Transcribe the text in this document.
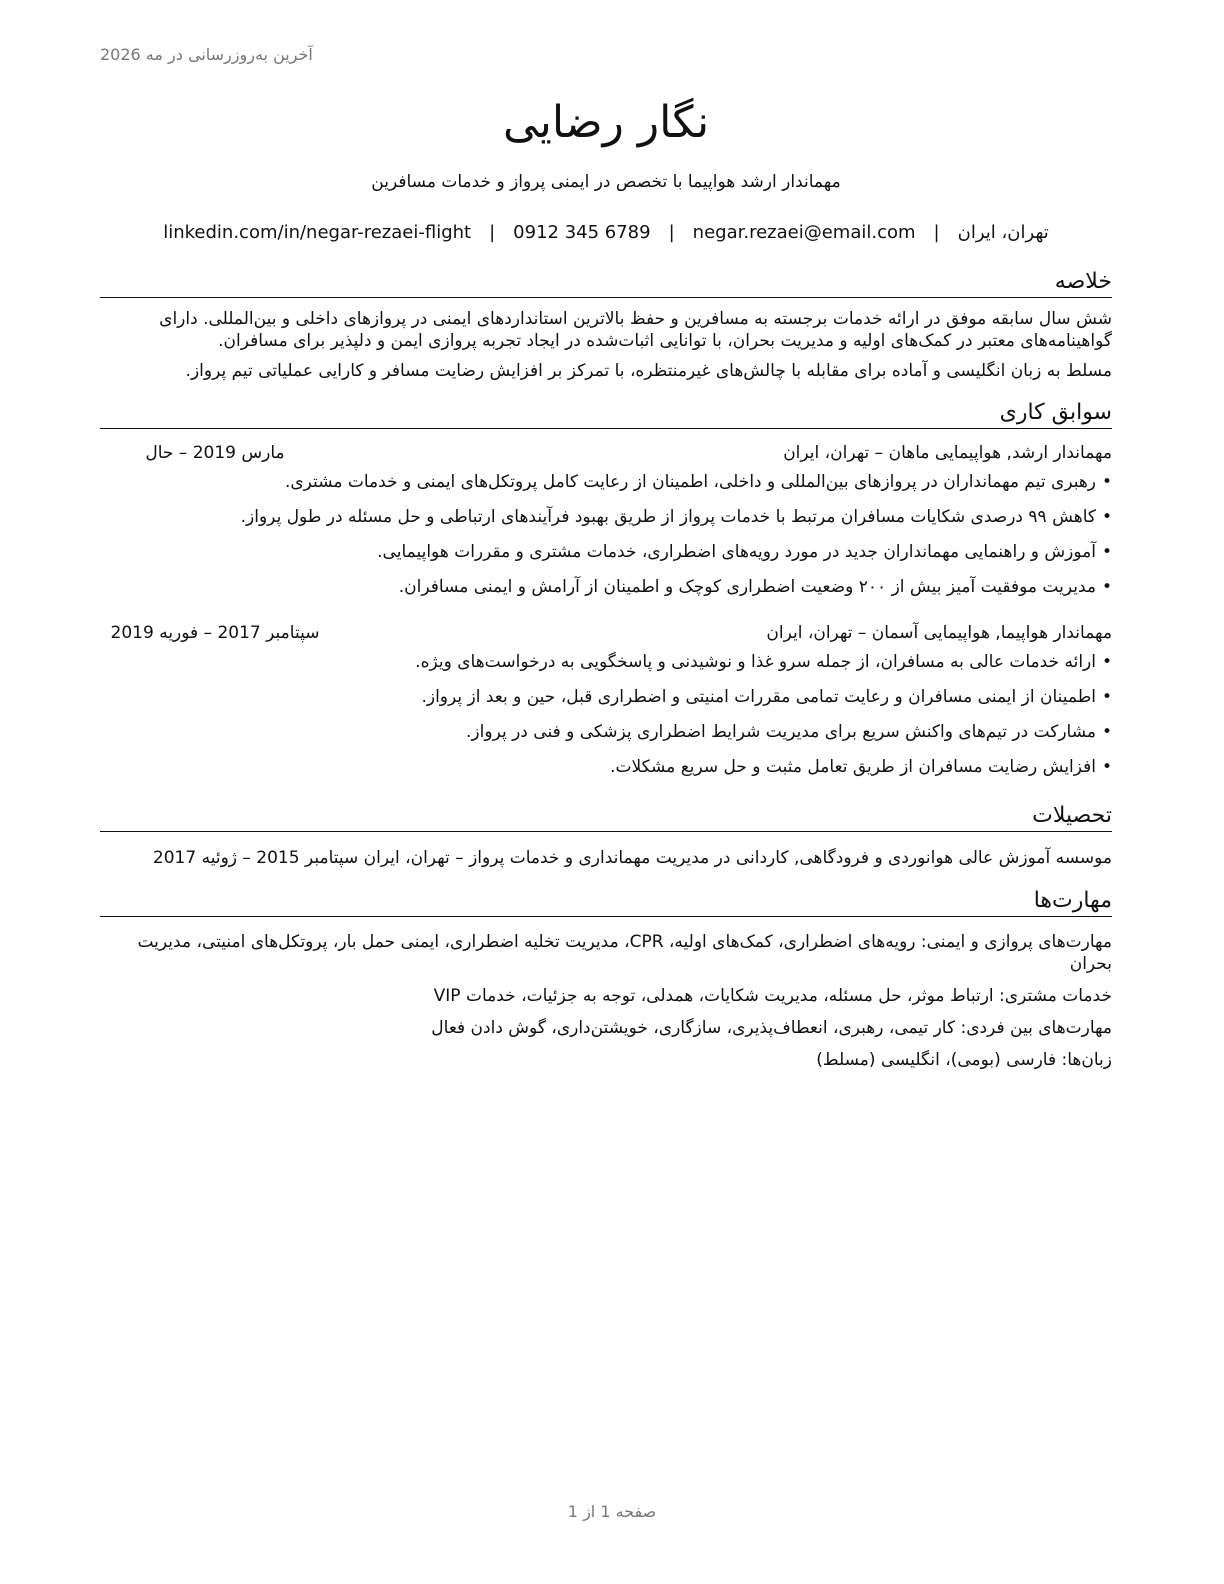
آخرین به‌روزرسانی در مه 2026
نگار رضایی
مهماندار ارشد هواپیما با تخصص در ایمنی پرواز و خدمات مسافرین
تهران، ایران
|
negar.rezaei@email.com
|
0912 345 6789
|
linkedin.com/in/negar-rezaei-flight
خلاصه

شش سال سابقه موفق در ارائه خدمات برجسته به مسافرین و حفظ بالاترین استانداردهای ایمنی در پروازهای داخلی و بین‌المللی. دارای گواهینامه‌های معتبر در کمک‌های اولیه و مدیریت بحران، با توانایی اثبات‌شده در ایجاد تجربه پروازی ایمن و دلپذیر برای مسافران.

مسلط به زبان انگلیسی و آماده برای مقابله با چالش‌های غیرمنتظره، با تمرکز بر افزایش رضایت مسافر و کارایی عملیاتی تیم پرواز.

سوابق کاری
مهماندار ارشد, هواپیمایی ماهان – تهران، ایران
مارس 2019 – حال
• رهبری تیم مهمانداران در پروازهای بین‌المللی و داخلی، اطمینان از رعایت کامل پروتکل‌های ایمنی و خدمات مشتری.
• کاهش ۹۹ درصدی شکایات مسافران مرتبط با خدمات پرواز از طریق بهبود فرآیندهای ارتباطی و حل مسئله در طول پرواز.
• آموزش و راهنمایی مهمانداران جدید در مورد رویه‌های اضطراری، خدمات مشتری و مقررات هواپیمایی.
• مدیریت موفقیت آمیز بیش از ۲۰۰ وضعیت اضطراری کوچک و اطمینان از آرامش و ایمنی مسافران.
مهماندار هواپیما, هواپیمایی آسمان – تهران، ایران
سپتامبر 2017 – فوریه 2019
• ارائه خدمات عالی به مسافران، از جمله سرو غذا و نوشیدنی و پاسخگویی به درخواست‌های ویژه.
• اطمینان از ایمنی مسافران و رعایت تمامی مقررات امنیتی و اضطراری قبل، حین و بعد از پرواز.
• مشارکت در تیم‌های واکنش سریع برای مدیریت شرایط اضطراری پزشکی و فنی در پرواز.
• افزایش رضایت مسافران از طریق تعامل مثبت و حل سریع مشکلات.
تحصیلات
موسسه آموزش عالی هوانوردی و فرودگاهی, کاردانی در مدیریت مهمانداری و خدمات پرواز – تهران، ایران سپتامبر 2015 – ژوئیه 2017
مهارت‌ها

مهارت‌های پروازی و ایمنی : رویه‌های اضطراری، کمک‌های اولیه، CPR، مدیریت تخلیه اضطراری، ایمنی حمل بار، پروتکل‌های امنیتی، مدیریت بحران

خدمات مشتری : ارتباط موثر، حل مسئله، مدیریت شکایات، همدلی، توجه به جزئیات، خدمات VIP

مهارت‌های بین فردی : کار تیمی، رهبری، انعطاف‌پذیری، سازگاری، خویشتن‌داری، گوش دادن فعال

زبان‌ها : فارسی (بومی)، انگلیسی (مسلط)

صفحه 1 از 1
